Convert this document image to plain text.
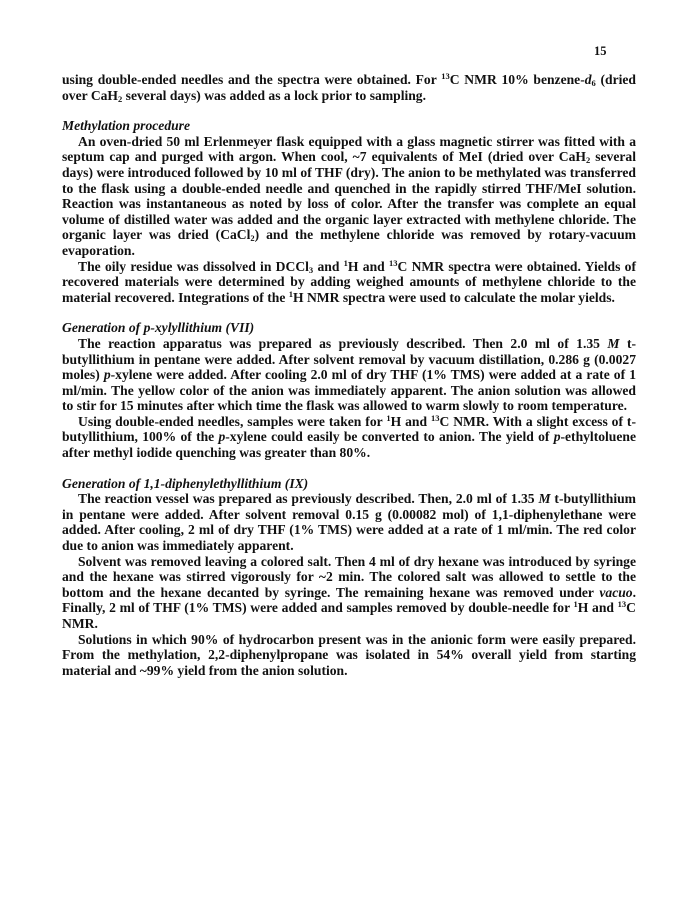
15

using double-ended needles and the spectra were obtained. For $^{13}$C NMR 10% benzene-$d_6$ (dried over CaH$_2$ several days) was added as a lock prior to sampling.

Methylation procedure

An oven-dried 50 ml Erlenmeyer flask equipped with a glass magnetic stirrer was fitted with a septum cap and purged with argon. When cool, ~7 equivalents of MeI (dried over CaH$_2$ several days) were introduced followed by 10 ml of THF (dry). The anion to be methylated was transferred to the flask using a double-ended needle and quenched in the rapidly stirred THF/MeI solution. Reaction was instantaneous as noted by loss of color. After the transfer was complete an equal volume of distilled water was added and the organic layer extracted with methylene chloride. The organic layer was dried (CaCl$_2$) and the methylene chloride was removed by rotary-vacuum evaporation.

The oily residue was dissolved in DCCl$_3$ and $^1$H and $^{13}$C NMR spectra were obtained. Yields of recovered materials were determined by adding weighed amounts of methylene chloride to the material recovered. Integrations of the $^1$H NMR spectra were used to calculate the molar yields.

Generation of p-xylyllithium (VII)

The reaction apparatus was prepared as previously described. Then 2.0 ml of 1.35 M t-butyllithium in pentane were added. After solvent removal by vacuum distillation, 0.286 g (0.0027 moles) p-xylene were added. After cooling 2.0 ml of dry THF (1% TMS) were added at a rate of 1 ml/min. The yellow color of the anion was immediately apparent. The anion solution was allowed to stir for 15 minutes after which time the flask was allowed to warm slowly to room temperature.

Using double-ended needles, samples were taken for $^1$H and $^{13}$C NMR. With a slight excess of t-butyllithium, 100% of the p-xylene could easily be converted to anion. The yield of p-ethyltoluene after methyl iodide quenching was greater than 80%.

Generation of 1,1-diphenylethyllithium (IX)

The reaction vessel was prepared as previously described. Then, 2.0 ml of 1.35 M t-butyllithium in pentane were added. After solvent removal 0.15 g (0.00082 mol) of 1,1-diphenylethane were added. After cooling, 2 ml of dry THF (1% TMS) were added at a rate of 1 ml/min. The red color due to anion was immediately apparent.

Solvent was removed leaving a colored salt. Then 4 ml of dry hexane was introduced by syringe and the hexane was stirred vigorously for ~2 min. The colored salt was allowed to settle to the bottom and the hexane decanted by syringe. The remaining hexane was removed under vacuo. Finally, 2 ml of THF (1% TMS) were added and samples removed by double-needle for $^1$H and $^{13}$C NMR.

Solutions in which 90% of hydrocarbon present was in the anionic form were easily prepared. From the methylation, 2,2-diphenylpropane was isolated in 54% overall yield from starting material and ~99% yield from the anion solution.
